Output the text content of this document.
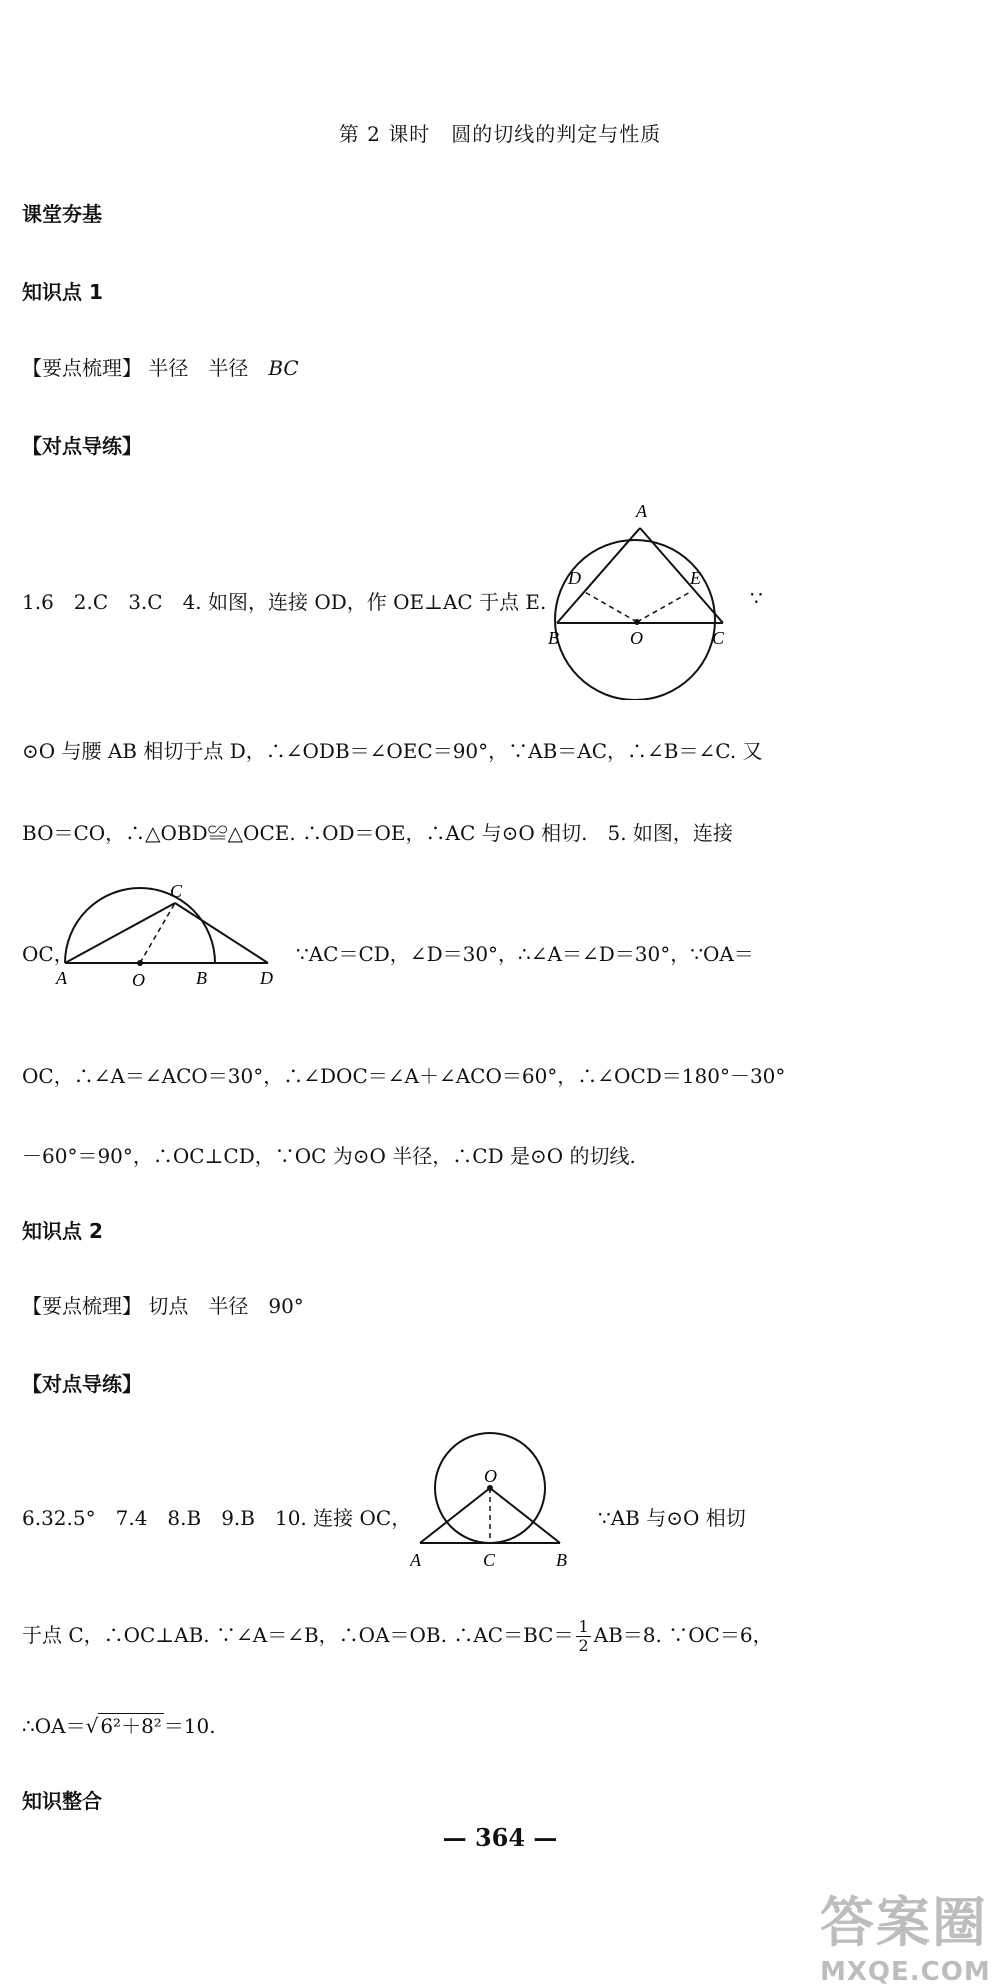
第 2 课时　圆的切线的判定与性质
课堂夯基
知识点 1
【要点梳理】 半径　半径　BC
【对点导练】
1.6　2.C　3.C　4. 如图，连接 OD，作 OE⊥AC 于点 E.	∵
A
D	E
B	O	C
⊙O 与腰 AB 相切于点 D，∴∠ODB＝∠OEC＝90°，∵AB＝AC，∴∠B＝∠C. 又
BO＝CO，∴△OBD≌△OCE. ∴OD＝OE，∴AC 与⊙O 相切.　5. 如图，连接
OC，
C
A	O	B	D
∵AC＝CD，∠D＝30°，∴∠A＝∠D＝30°，∵OA＝
OC，∴∠A＝∠ACO＝30°，∴∠DOC＝∠A＋∠ACO＝60°，∴∠OCD＝180°－30°
－60°＝90°，∴OC⊥CD，∵OC 为⊙O 半径，∴CD 是⊙O 的切线.
知识点 2
【要点梳理】 切点　半径　90°
【对点导练】
6.32.5°　7.4　8.B　9.B　10. 连接 OC，
O
A	C	B
∵AB 与⊙O 相切
于点 C，∴OC⊥AB. ∵∠A＝∠B，∴OA＝OB. ∴AC＝BC＝ $\frac{1}{2} AB=8$. ∵OC＝6，
∴OA＝√ 6²＋8² ＝10.
知识整合
— 364 —
答案圈
MXQE.COM
